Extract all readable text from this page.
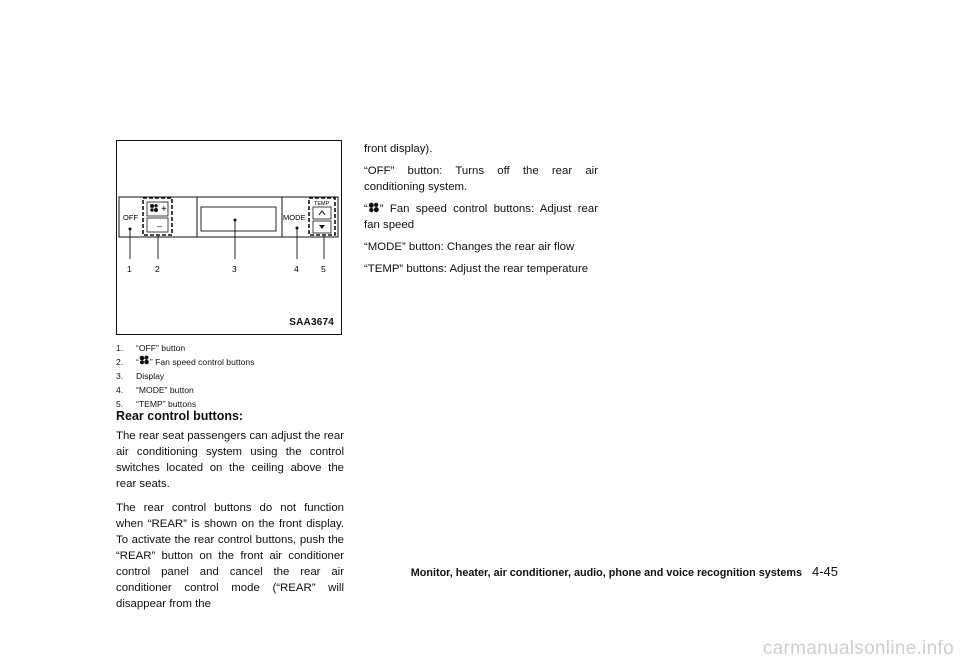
+
–
OFF	MODE
TEMP
1	2	3	4	5
SAA3674
1.	“OFF” button
2.	“ ” Fan speed control buttons
3.	Display
4.	“MODE” button
5.	“TEMP” buttons
Rear control buttons:

The rear seat passengers can adjust the rear air conditioning system using the control switches located on the ceiling above the rear seats.

The rear control buttons do not function when “REAR” is shown on the front display. To activate the rear control buttons, push the “REAR” button on the front air conditioner control panel and cancel the rear air conditioner control mode (“REAR” will disappear from the

front display).

“OFF” button: Turns off the rear air conditioning system.

“ ” Fan speed control buttons: Adjust rear fan speed

“MODE” button: Changes the rear air flow

“TEMP” buttons: Adjust the rear temperature

Monitor, heater, air conditioner, audio, phone and voice recognition systems 4-45
carmanualsonline.info
